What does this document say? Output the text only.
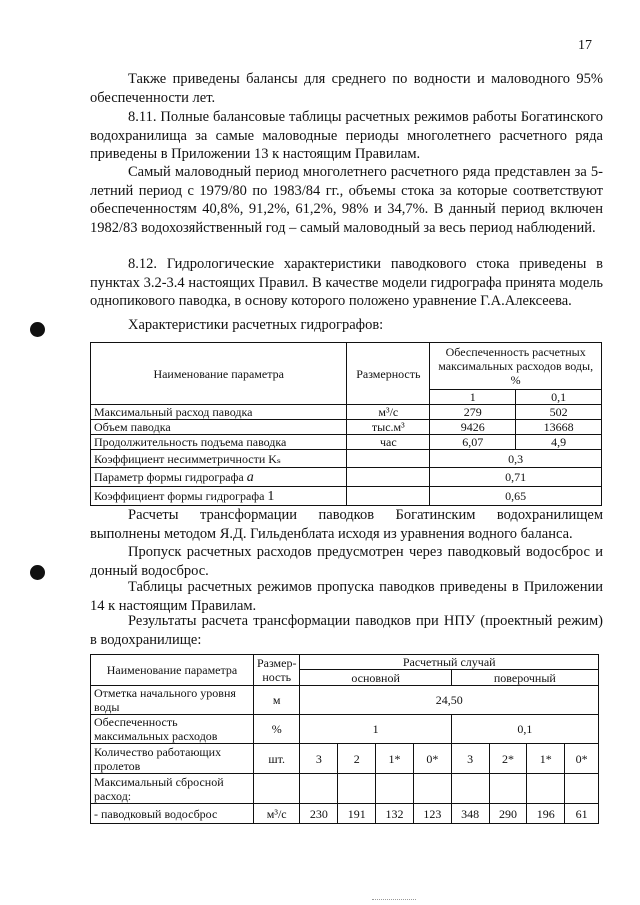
17

Также приведены балансы для среднего по водности и маловодного 95% обеспеченности лет.

8.11. Полные балансовые таблицы расчетных режимов работы Богатинского водохранилища за самые маловодные периоды многолетнего расчетного ряда приведены в Приложении 13 к настоящим Правилам.

Самый маловодный период многолетнего расчетного ряда представлен за 5-летний период с 1979/80 по 1983/84 гг., объемы стока за которые соответствуют обеспеченностям 40,8%, 91,2%, 61,2%, 98% и 34,7%. В данный период включен 1982/83 водохозяйственный год – самый маловодный за весь период наблюдений.

8.12. Гидрологические характеристики паводкового стока приведены в пунктах 3.2-3.4 настоящих Правил. В качестве модели гидрографа принята модель однопикового паводка, в основу которого положено уравнение Г.А.Алексеева.

Характеристики расчетных гидрографов:

Наименование параметра	Размерность	Обеспеченность расчетных максимальных расходов воды, %	
		1	0,1
Максимальный расход паводка	м³/с	279	502
Объем паводка	тыс.м³	9426	13668
Продолжительность подъема паводка	час	6,07	4,9
Коэффициент несимметричности Kₛ		0,3	
Параметр формы гидрографа a		0,71	
Коэффициент формы гидрографа 1		0,65	

Расчеты трансформации паводков Богатинским водохранилищем выполнены методом Я.Д. Гильденблата исходя из уравнения водного баланса.

Пропуск расчетных расходов предусмотрен через паводковый водосброс и донный водосброс.

Таблицы расчетных режимов пропуска паводков приведены в Приложении 14 к настоящим Правилам.

Результаты расчета трансформации паводков при НПУ (проектный режим) в водохранилище:

Наименование параметра	Размерность	Расчетный случай							
		основной				поверочный			
Отметка начального уровня воды	м	24,50							
Обеспеченность максимальных расходов	%	1				0,1			
Количество работающих пролетов	шт.	3	2	1*	0*	3	2*	1*	0*
Максимальный сбросной расход:									
- паводковый водосброс	м³/с	230	191	132	123	348	290	196	61
